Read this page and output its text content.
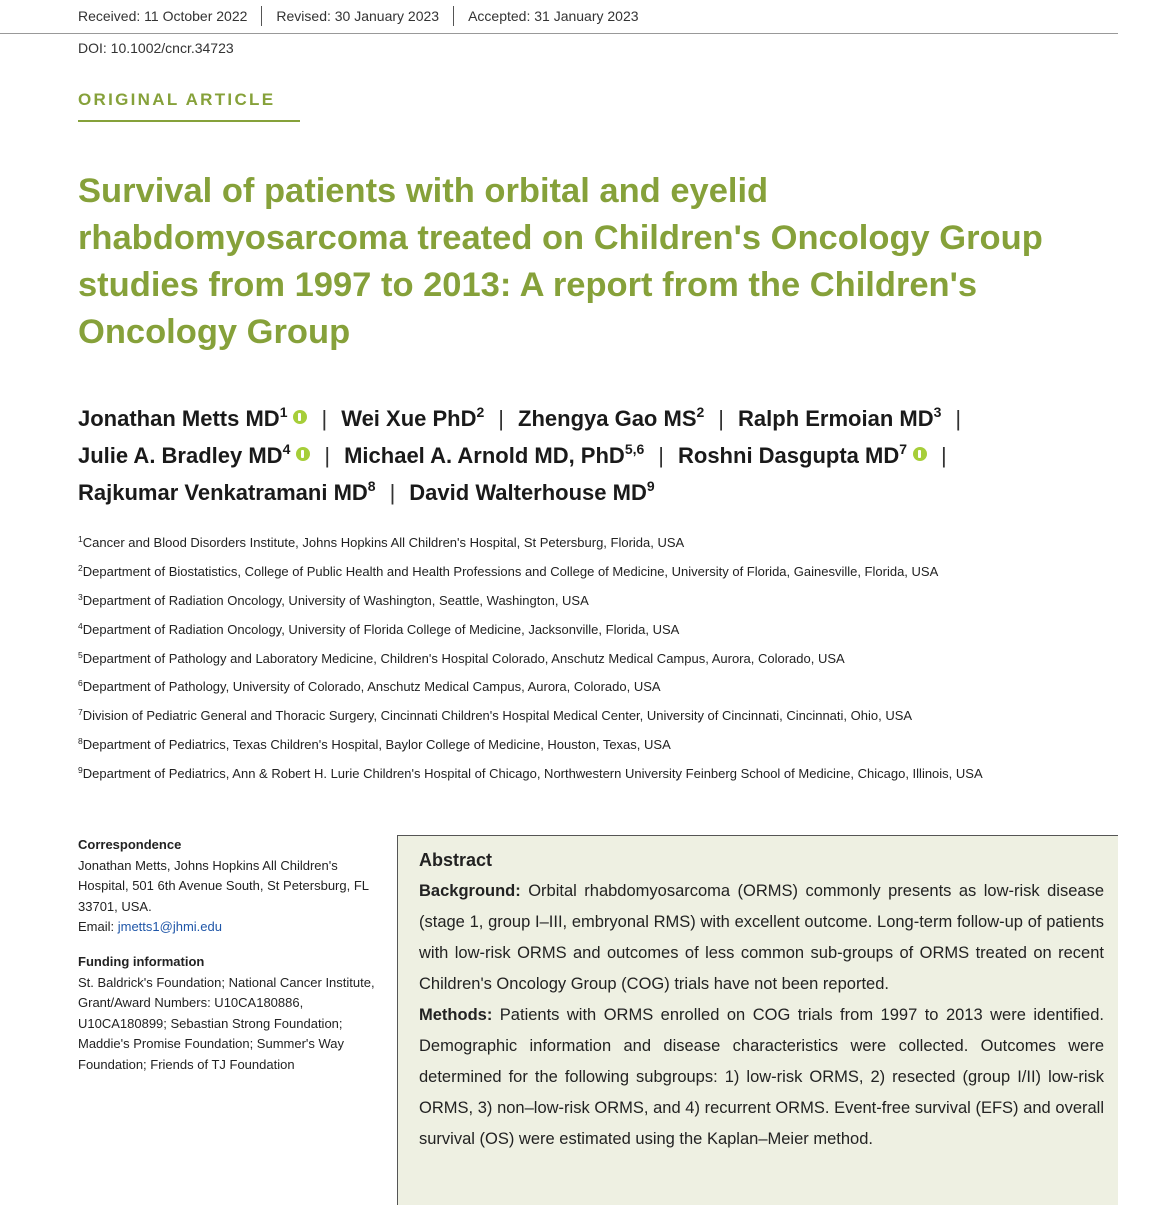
Received: 11 October 2022 Revised: 30 January 2023 Accepted: 31 January 2023
DOI: 10.1002/cncr.34723
ORIGINAL ARTICLE
Survival of patients with orbital and eyelid rhabdomyosarcoma treated on Children's Oncology Group studies from 1997 to 2013: A report from the Children's Oncology Group
Jonathan Metts $MD^1$ | Wei Xue PhD$^2$ | Zhengya Gao $MS^2$ | Ralph Ermoian $MD^3$ |
Julie A. Bradley $MD^4$ | Michael A. Arnold MD, PhD$^{5,6}$ | Roshni Dasgupta $MD^7$ |
Rajkumar Venkatramani $MD^8$ | David Walterhouse $MD^9$
$^1$Cancer and Blood Disorders Institute, Johns Hopkins All Children's Hospital, St Petersburg, Florida, USA
$^2$Department of Biostatistics, College of Public Health and Health Professions and College of Medicine, University of Florida, Gainesville, Florida, USA
$^3$Department of Radiation Oncology, University of Washington, Seattle, Washington, USA
$^4$Department of Radiation Oncology, University of Florida College of Medicine, Jacksonville, Florida, USA
$^5$Department of Pathology and Laboratory Medicine, Children's Hospital Colorado, Anschutz Medical Campus, Aurora, Colorado, USA
$^6$Department of Pathology, University of Colorado, Anschutz Medical Campus, Aurora, Colorado, USA
$^7$Division of Pediatric General and Thoracic Surgery, Cincinnati Children's Hospital Medical Center, University of Cincinnati, Cincinnati, Ohio, USA
$^8$Department of Pediatrics, Texas Children's Hospital, Baylor College of Medicine, Houston, Texas, USA
$^9$Department of Pediatrics, Ann & Robert H. Lurie Children's Hospital of Chicago, Northwestern University Feinberg School of Medicine, Chicago, Illinois, USA
Correspondence
Jonathan Metts, Johns Hopkins All Children's Hospital, 501 6th Avenue South, St Petersburg, FL 33701, USA.
Email: jmetts1@jhmi.edu
Funding information
St. Baldrick's Foundation; National Cancer Institute, Grant/Award Numbers: U10CA180886, U10CA180899; Sebastian Strong Foundation; Maddie's Promise Foundation; Summer's Way Foundation; Friends of TJ Foundation
Abstract

Background: Orbital rhabdomyosarcoma (ORMS) commonly presents as low-risk disease (stage 1, group I–III, embryonal RMS) with excellent outcome. Long-term follow-up of patients with low-risk ORMS and outcomes of less common sub-groups of ORMS treated on recent Children's Oncology Group (COG) trials have not been reported.

Methods: Patients with ORMS enrolled on COG trials from 1997 to 2013 were identified. Demographic information and disease characteristics were collected. Outcomes were determined for the following subgroups: 1) low-risk ORMS, 2) resected (group I/II) low-risk ORMS, 3) non–low-risk ORMS, and 4) recurrent ORMS. Event-free survival (EFS) and overall survival (OS) were estimated using the Kaplan–Meier method.
